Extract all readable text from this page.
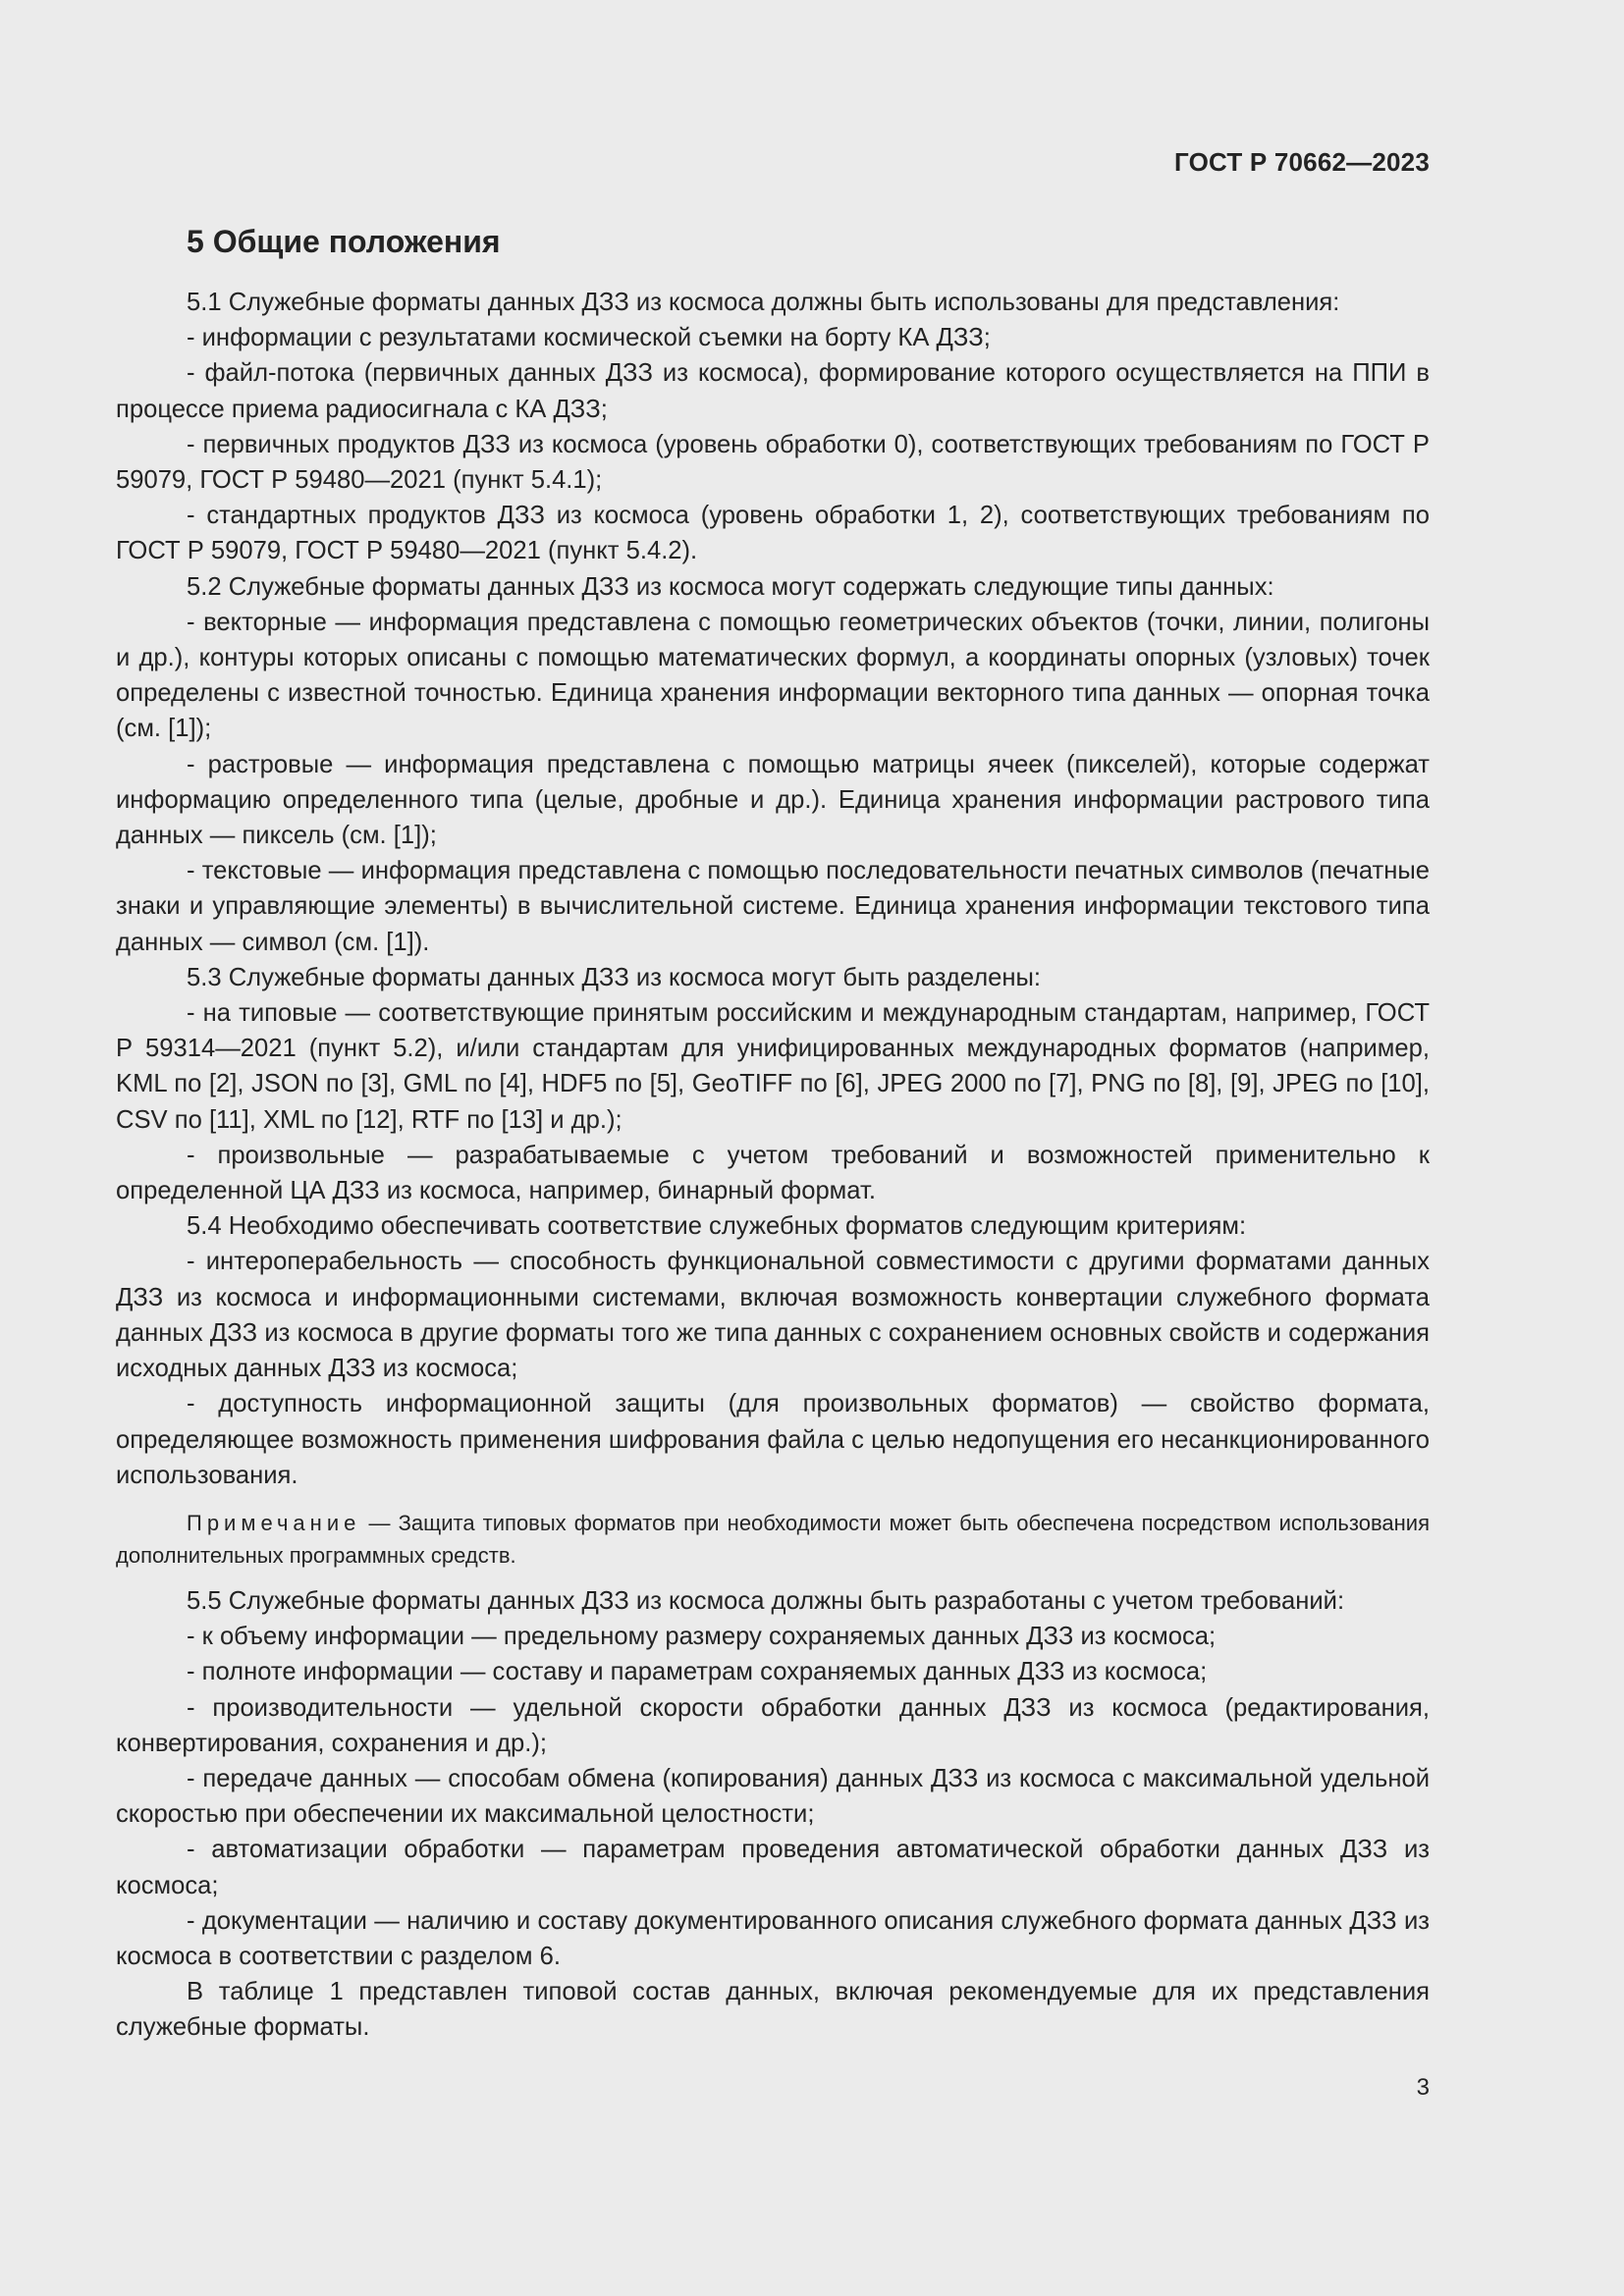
ГОСТ Р 70662—2023
5 Общие положения

5.1 Служебные форматы данных ДЗЗ из космоса должны быть использованы для представления:

- информации с результатами космической съемки на борту КА ДЗЗ;

- файл-потока (первичных данных ДЗЗ из космоса), формирование которого осуществляется на ППИ в процессе приема радиосигнала с КА ДЗЗ;

- первичных продуктов ДЗЗ из космоса (уровень обработки 0), соответствующих требованиям по ГОСТ Р 59079, ГОСТ Р 59480—2021 (пункт 5.4.1);

- стандартных продуктов ДЗЗ из космоса (уровень обработки 1, 2), соответствующих требованиям по ГОСТ Р 59079, ГОСТ Р 59480—2021 (пункт 5.4.2).

5.2 Служебные форматы данных ДЗЗ из космоса могут содержать следующие типы данных:

- векторные — информация представлена с помощью геометрических объектов (точки, линии, полигоны и др.), контуры которых описаны с помощью математических формул, а координаты опорных (узловых) точек определены с известной точностью. Единица хранения информации векторного типа данных — опорная точка (см. [1]);

- растровые — информация представлена с помощью матрицы ячеек (пикселей), которые содержат информацию определенного типа (целые, дробные и др.). Единица хранения информации растрового типа данных — пиксель (см. [1]);

- текстовые — информация представлена с помощью последовательности печатных символов (печатные знаки и управляющие элементы) в вычислительной системе. Единица хранения информации текстового типа данных — символ (см. [1]).

5.3 Служебные форматы данных ДЗЗ из космоса могут быть разделены:

- на типовые — соответствующие принятым российским и международным стандартам, например, ГОСТ Р 59314—2021 (пункт 5.2), и/или стандартам для унифицированных международных форматов (например, KML по [2], JSON по [3], GML по [4], HDF5 по [5], GeoTIFF по [6], JPEG 2000 по [7], PNG по [8], [9], JPEG по [10], CSV по [11], XML по [12], RTF по [13] и др.);

- произвольные — разрабатываемые с учетом требований и возможностей применительно к определенной ЦА ДЗЗ из космоса, например, бинарный формат.

5.4 Необходимо обеспечивать соответствие служебных форматов следующим критериям:

- интероперабельность — способность функциональной совместимости с другими форматами данных ДЗЗ из космоса и информационными системами, включая возможность конвертации служебного формата данных ДЗЗ из космоса в другие форматы того же типа данных с сохранением основных свойств и содержания исходных данных ДЗЗ из космоса;

- доступность информационной защиты (для произвольных форматов) — свойство формата, определяющее возможность применения шифрования файла с целью недопущения его несанкционированного использования.

Примечание — Защита типовых форматов при необходимости может быть обеспечена посредством использования дополнительных программных средств.

5.5 Служебные форматы данных ДЗЗ из космоса должны быть разработаны с учетом требований:

- к объему информации — предельному размеру сохраняемых данных ДЗЗ из космоса;

- полноте информации — составу и параметрам сохраняемых данных ДЗЗ из космоса;

- производительности — удельной скорости обработки данных ДЗЗ из космоса (редактирования, конвертирования, сохранения и др.);

- передаче данных — способам обмена (копирования) данных ДЗЗ из космоса с максимальной удельной скоростью при обеспечении их максимальной целостности;

- автоматизации обработки — параметрам проведения автоматической обработки данных ДЗЗ из космоса;

- документации — наличию и составу документированного описания служебного формата данных ДЗЗ из космоса в соответствии с разделом 6.

В таблице 1 представлен типовой состав данных, включая рекомендуемые для их представления служебные форматы.

3
